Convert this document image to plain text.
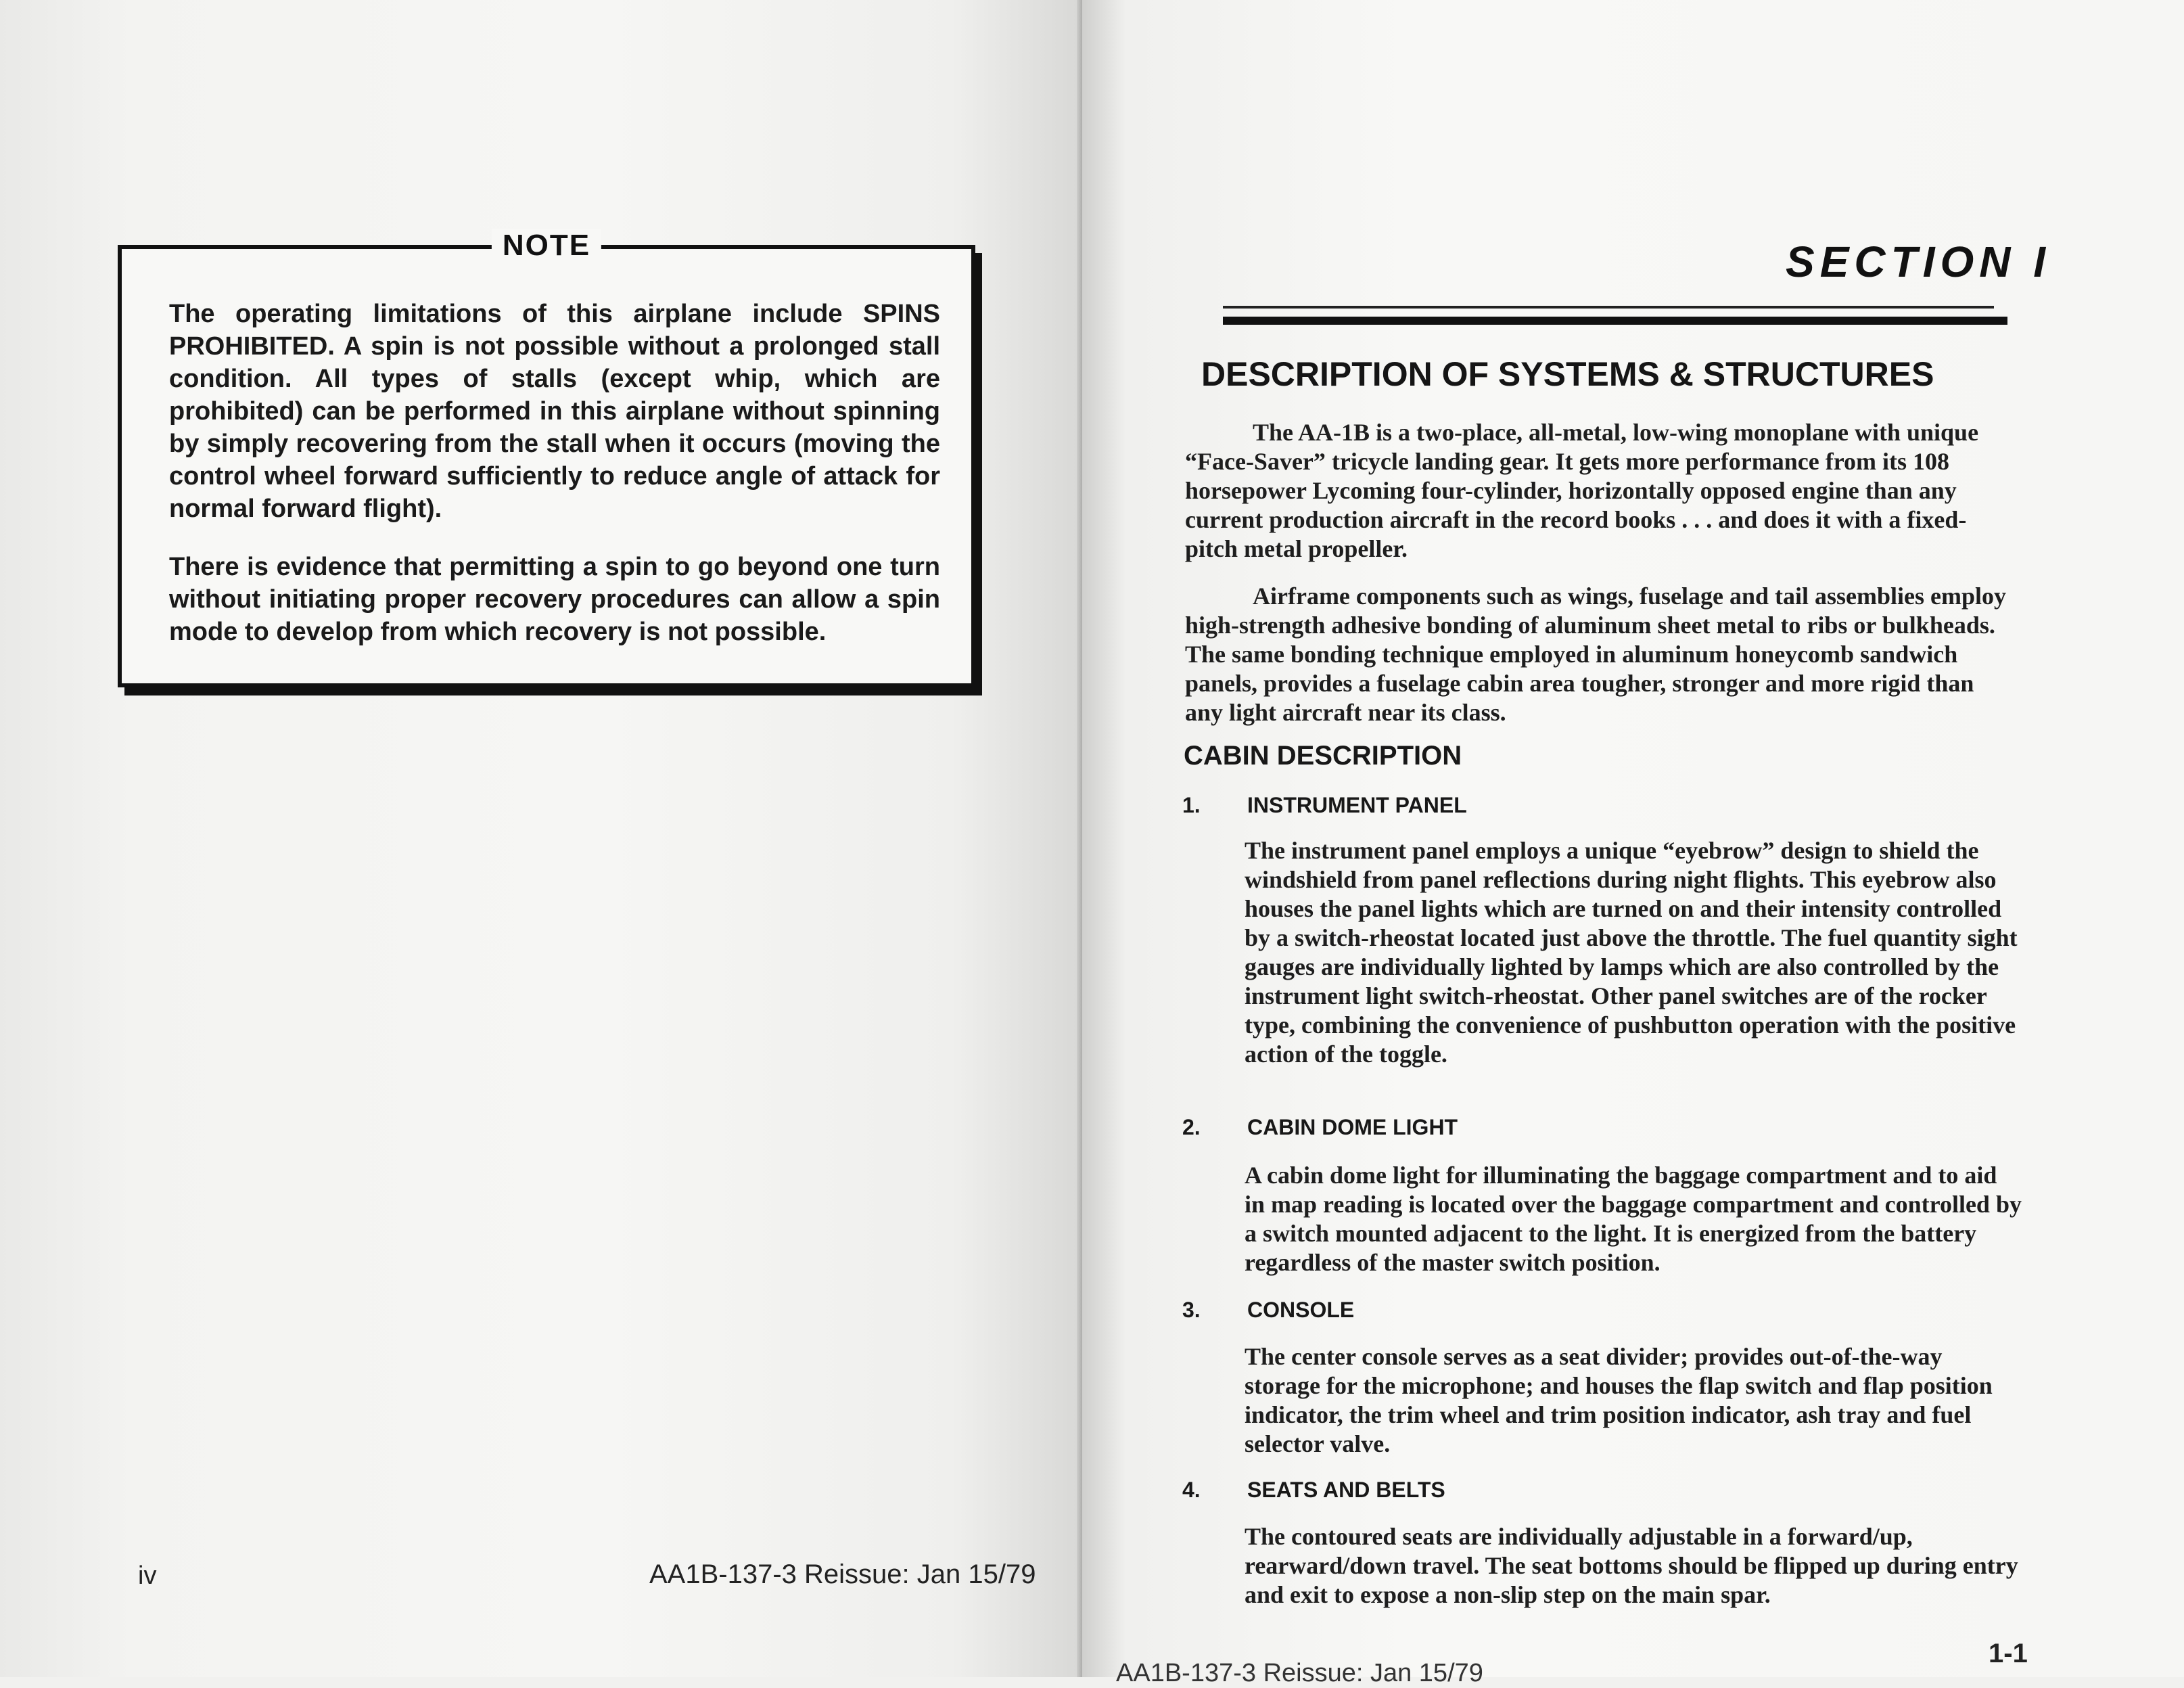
NOTE

The operating limitations of this airplane include SPINS PROHIBITED. A spin is not possible without a prolonged stall condition. All types of stalls (except whip, which are prohibited) can be performed in this airplane without spinning by simply recovering from the stall when it occurs (moving the control wheel forward sufficiently to reduce angle of attack for normal forward flight).

There is evidence that permitting a spin to go beyond one turn without initiating proper recovery procedures can allow a spin mode to develop from which recovery is not possible.

iv	AA1B-137-3 Reissue: Jan 15/79
SECTION I
DESCRIPTION OF SYSTEMS & STRUCTURES

The AA-1B is a two-place, all-metal, low-wing monoplane with unique “Face-Saver” tricycle landing gear. It gets more performance from its 108 horsepower Lycoming four-cylinder, horizontally opposed engine than any current production aircraft in the record books . . . and does it with a fixed-pitch metal propeller.

Airframe components such as wings, fuselage and tail assemblies employ high-strength adhesive bonding of aluminum sheet metal to ribs or bulkheads. The same bonding technique employed in aluminum honeycomb sandwich panels, provides a fuselage cabin area tougher, stronger and more rigid than any light aircraft near its class.

CABIN DESCRIPTION
1. INSTRUMENT PANEL

The instrument panel employs a unique “eyebrow” design to shield the windshield from panel reflections during night flights. This eyebrow also houses the panel lights which are turned on and their intensity controlled by a switch-rheostat located just above the throttle. The fuel quantity sight gauges are individually lighted by lamps which are also controlled by the instrument light switch-rheostat. Other panel switches are of the rocker type, combining the convenience of pushbutton operation with the positive action of the toggle.

2. CABIN DOME LIGHT

A cabin dome light for illuminating the baggage compartment and to aid in map reading is located over the baggage compartment and controlled by a switch mounted adjacent to the light. It is energized from the battery regardless of the master switch position.

3. CONSOLE

The center console serves as a seat divider; provides out-of-the-way storage for the microphone; and houses the flap switch and flap position indicator, the trim wheel and trim position indicator, ash tray and fuel selector valve.

4. SEATS AND BELTS

The contoured seats are individually adjustable in a forward/up, rearward/down travel. The seat bottoms should be flipped up during entry and exit to expose a non-slip step on the main spar.

AA1B-137-3 Reissue: Jan 15/79
1-1
